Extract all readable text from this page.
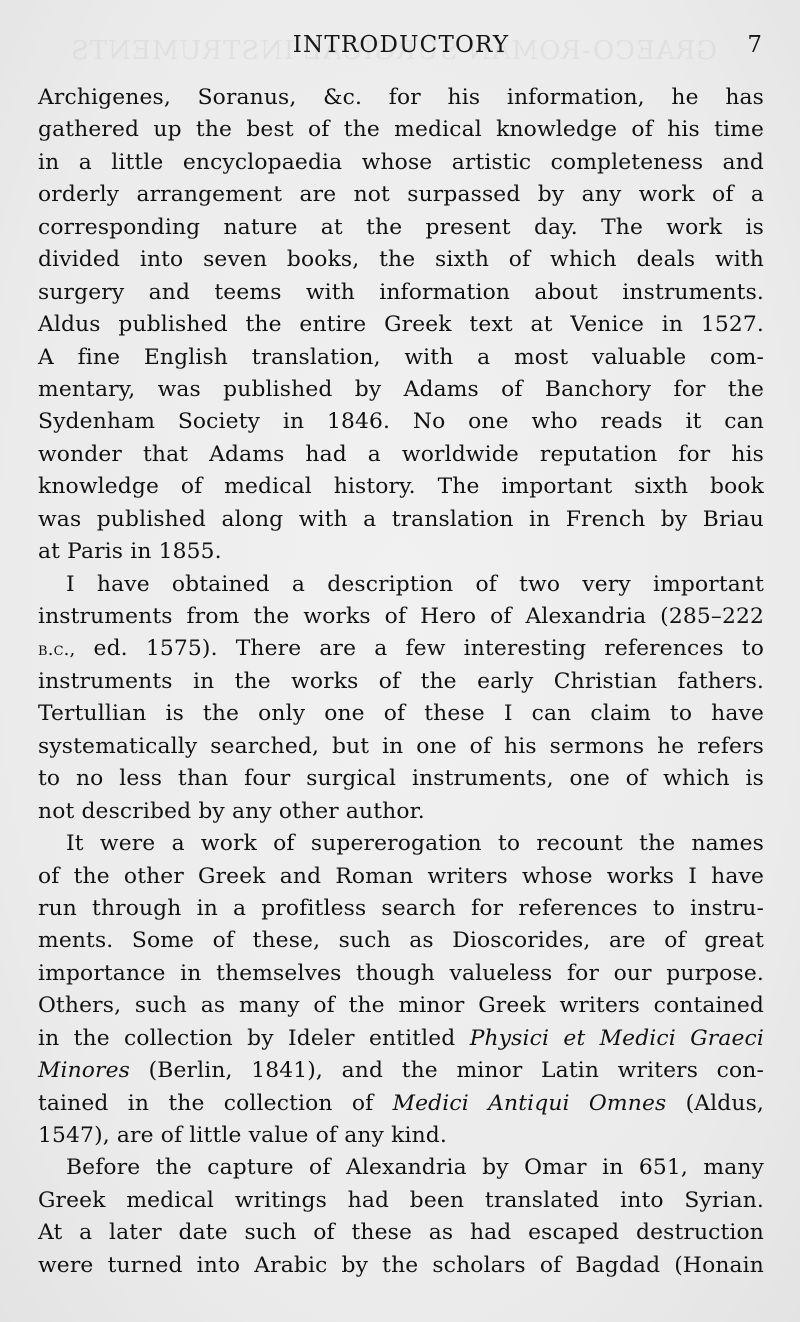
INTRODUCTORY	7
Archigenes, Soranus, &c. for his information, he has
gathered up the best of the medical knowledge of his time
in a little encyclopaedia whose artistic completeness and
orderly arrangement are not surpassed by any work of a
corresponding nature at the present day. The work is
divided into seven books, the sixth of which deals with
surgery and teems with information about instruments.
Aldus published the entire Greek text at Venice in 1527.
A fine English translation, with a most valuable com-
mentary, was published by Adams of Banchory for the
Sydenham Society in 1846. No one who reads it can
wonder that Adams had a worldwide reputation for his
knowledge of medical history. The important sixth book
was published along with a translation in French by Briau
at Paris in 1855.
I have obtained a description of two very important
instruments from the works of Hero of Alexandria (285–222
b.c., ed. 1575). There are a few interesting references to
instruments in the works of the early Christian fathers.
Tertullian is the only one of these I can claim to have
systematically searched, but in one of his sermons he refers
to no less than four surgical instruments, one of which is
not described by any other author.
It were a work of supererogation to recount the names
of the other Greek and Roman writers whose works I have
run through in a profitless search for references to instru-
ments. Some of these, such as Dioscorides, are of great
importance in themselves though valueless for our purpose.
Others, such as many of the minor Greek writers contained
in the collection by Ideler entitled Physici et Medici Graeci
Minores (Berlin, 1841), and the minor Latin writers con-
tained in the collection of Medici Antiqui Omnes (Aldus,
1547), are of little value of any kind.
Before the capture of Alexandria by Omar in 651, many
Greek medical writings had been translated into Syrian.
At a later date such of these as had escaped destruction
were turned into Arabic by the scholars of Bagdad (Honain
